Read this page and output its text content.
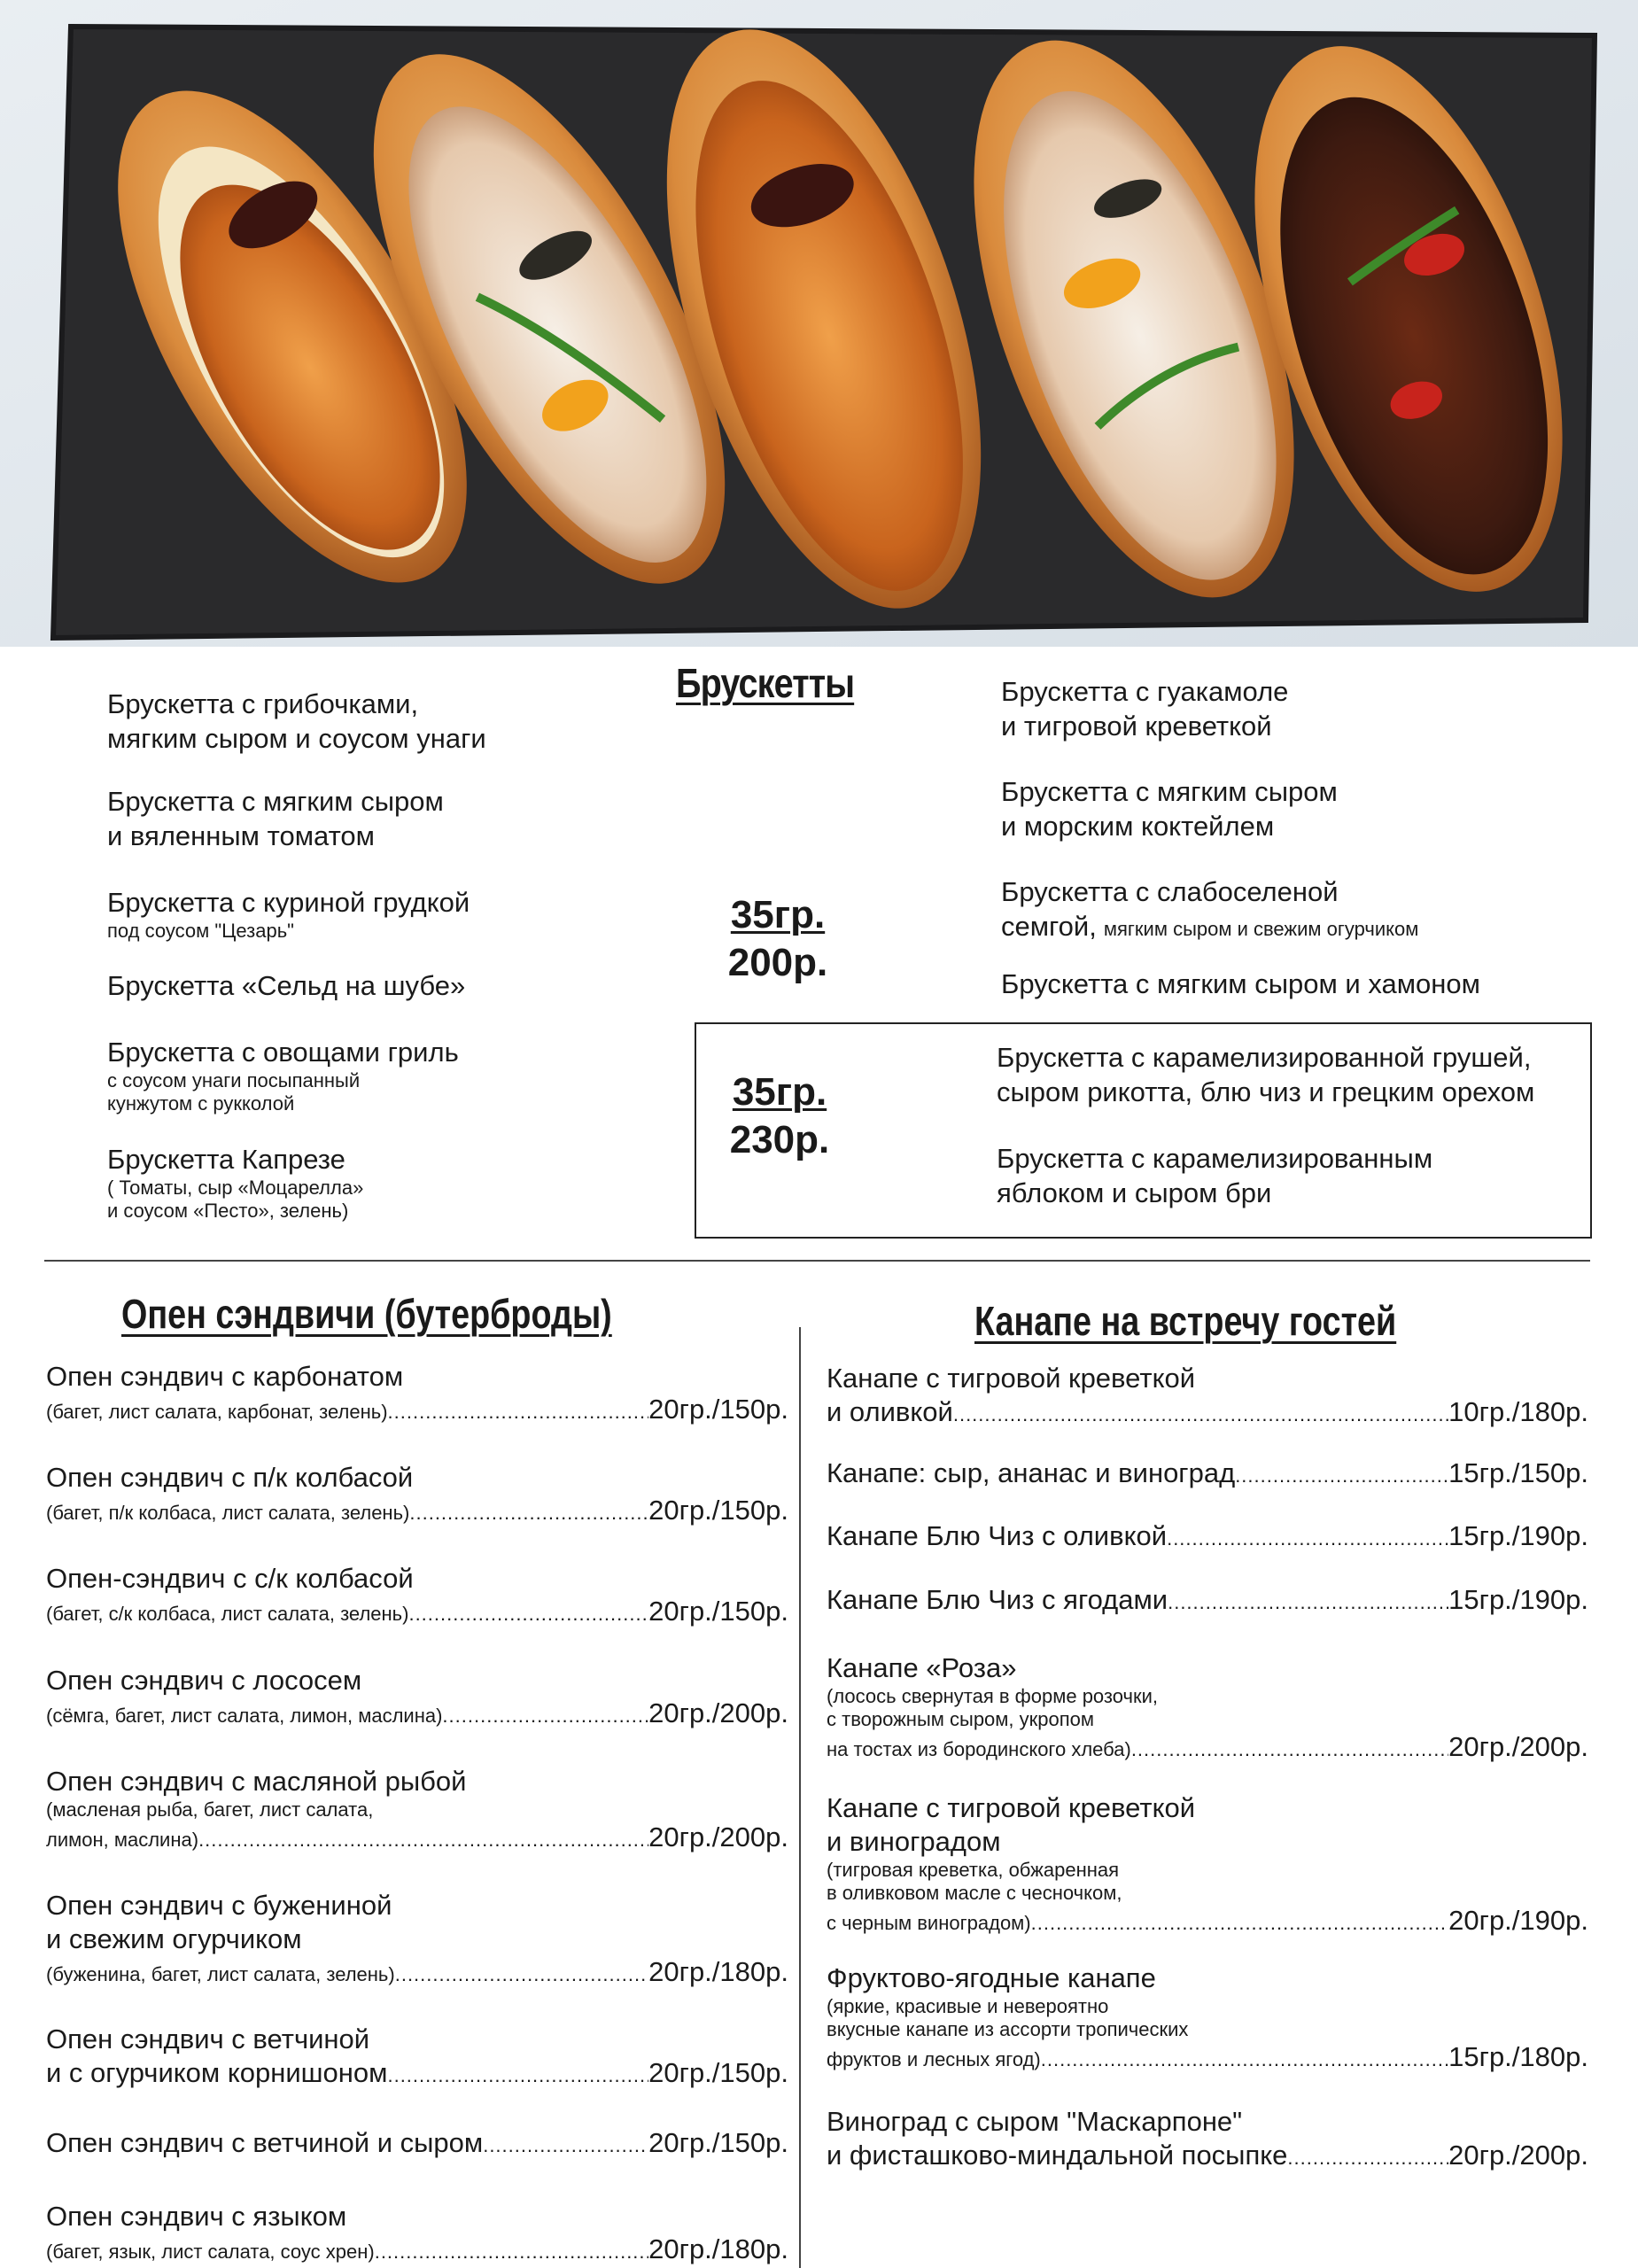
Брускетты
Брускетта с грибочками,
мягким сыром и соусом унаги
Брускетта с мягким сыром
и вяленным томатом
Брускетта с куриной грудкой
под соусом "Цезарь"
Брускетта «Сельд на шубе»
Брускетта с овощами гриль
с соусом унаги посыпанный
кунжутом с рукколой
Брускетта Капрезе
( Томаты, сыр «Моцарелла»
и соусом «Песто», зелень)
35гр.
200р.
Брускетта с гуакамоле
и тигровой креветкой
Брускетта с мягким сыром
и морским коктейлем
Брускетта с слабоселеной
семгой, мягким сыром и свежим огурчиком
Брускетта с мягким сыром и хамоном
35гр.
230р.
Брускетта с карамелизированной грушей,
сыром рикотта, блю чиз и грецким орехом
Брускетта с карамелизированным
яблоком и сыром бри
Опен сэндвичи (бутерброды)
Опен сэндвич с карбонатом
(багет, лист салата, карбонат, зелень) .....	20гр./150р.
Опен сэндвич с п/к колбасой
(багет, п/к колбаса, лист салата, зелень) .....	20гр./150р.
Опен-сэндвич с с/к колбасой
(багет, с/к колбаса, лист салата, зелень) .....	20гр./150р.
Опен сэндвич с лососем
(сёмга, багет, лист салата, лимон, маслина) .....	20гр./200р.
Опен сэндвич с масляной рыбой
(масленая рыба, багет, лист салата,
лимон, маслина) .....	20гр./200р.
Опен сэндвич с бужениной
и свежим огурчиком
(буженина, багет, лист салата, зелень) .....	20гр./180р.
Опен сэндвич с ветчиной
и с огурчиком корнишоном .....	20гр./150р.
Опен сэндвич с ветчиной и сыром .....	20гр./150р.
Опен сэндвич с языком
(багет, язык, лист салата, соус хрен) .....	20гр./180р.
Канапе на встречу гостей
Канапе с тигровой креветкой
и оливкой .....	10гр./180р.
Канапе: сыр, ананас и виноград .....	15гр./150р.
Канапе Блю Чиз с оливкой .....	15гр./190р.
Канапе Блю Чиз с ягодами .....	15гр./190р.
Канапе «Роза»
(лосось свернутая в форме розочки,
с творожным сыром, укропом
на тостах из бородинского хлеба) .....	20гр./200р.
Канапе с тигровой креветкой
и виноградом
(тигровая креветка, обжаренная
в оливковом масле с чесночком,
с черным виноградом) .....	20гр./190р.
Фруктово-ягодные канапе
(яркие, красивые и невероятно
вкусные канапе из ассорти тропических
фруктов и лесных ягод) .....	15гр./180р.
Виноград с сыром "Маскарпоне"
и фисташково-миндальной посыпке .....	20гр./200р.
